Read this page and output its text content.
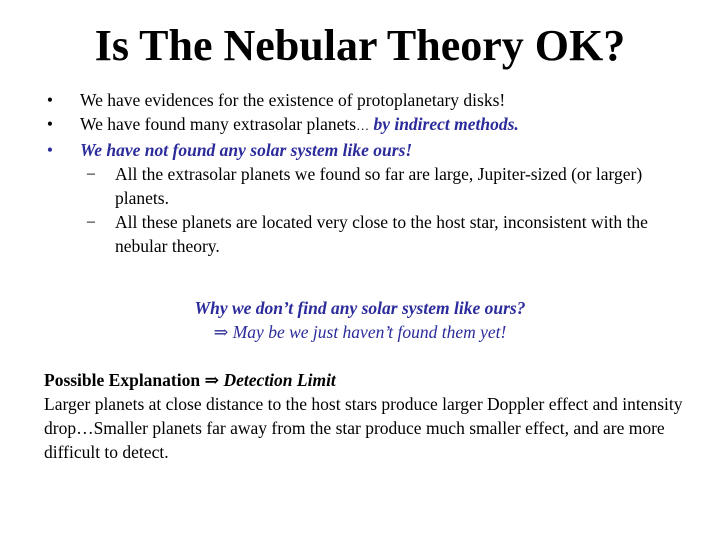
Is The Nebular Theory OK?
• We have evidences for the existence of protoplanetary disks!
• We have found many extrasolar planets… by indirect methods.
• We have not found any solar system like ours!
− All the extrasolar planets we found so far are large, Jupiter-sized (or larger) planets.
− All these planets are located very close to the host star, inconsistent with the nebular theory.
Why we don’t find any solar system like ours?
⇒ May be we just haven’t found them yet!
Possible Explanation ⇒ Detection Limit
Larger planets at close distance to the host stars produce larger Doppler effect and intensity drop…Smaller planets far away from the star produce much smaller effect, and are more difficult to detect.
